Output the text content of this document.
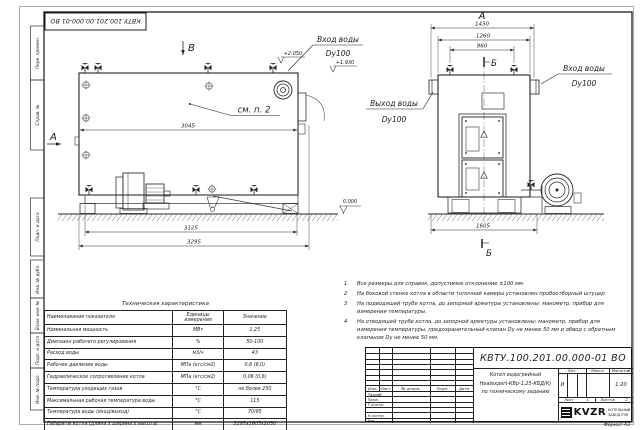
КВТУ.100.201.00.000-01 ВО
Перв. примен.
Справ. №
Подп. и дата
Инв. № дубл.
Взам. инв. №
Подп. и дата
Инв. № подл.
3045
3125
3295
+2.050
+1.930
0.000
Вход воды
Dy100
см. п. 2
В
А
1430
1260
960
1605
А
Б
Б
Выход воды
Dy100
Вход воды
Dy100
1	Все размеры для справок, допустимое отклонение ±100 мм.
2	На боковой стенке котла в области топочной камеры установлен пробоотборный штуцер
3	На подводящей трубе котла, до запорной арматуры установлены: манометр, прибор для измерения температуры.
4	На отводящей трубе котла, до запорной арматуры установлены: манометр, прибор для измерения температуры, предохранительный клапан Dу не менее 50 мм и обвод с обратным клапаном Dу не менее 50 мм.
Техническая характеристика
Наименование показателя	Единицы измерения	Значение
Номинальная мощность	МВт	1,25
Диапазон рабочего регулирования	%	50-100
Расход воды	м3/ч	43
Рабочее давление воды	МПа (кгс/см2)	0,6 (6,0)
Гидравлическое сопротивление котла	МПа (кгс/см2)	0,06 (0,6)
Температура уходящих газов	°С	не более 250
Максимальная рабочая температура воды	°С	115
Температура воды (вход/выход)	°С	70/95
Габариты котла (длина х ширина х высота)	мм	3295х1605х2050
Изм. Лист	№ докум.	Подп.	Дата
Разраб.
Пров.
Т.контр.
Н.контр.
Утв.
КВТУ.100.201.00.000-01 ВО
Котел водогрейный
Heatexpert-КВр-1,25-КБД(К)
по техническому заданию
Лит.	Масса	Масштаб
И	1:20
Лист	1	Листов	2
KVZR КОТЕЛЬНЫЙ
ЗАВОД РЭП
Формат А3
